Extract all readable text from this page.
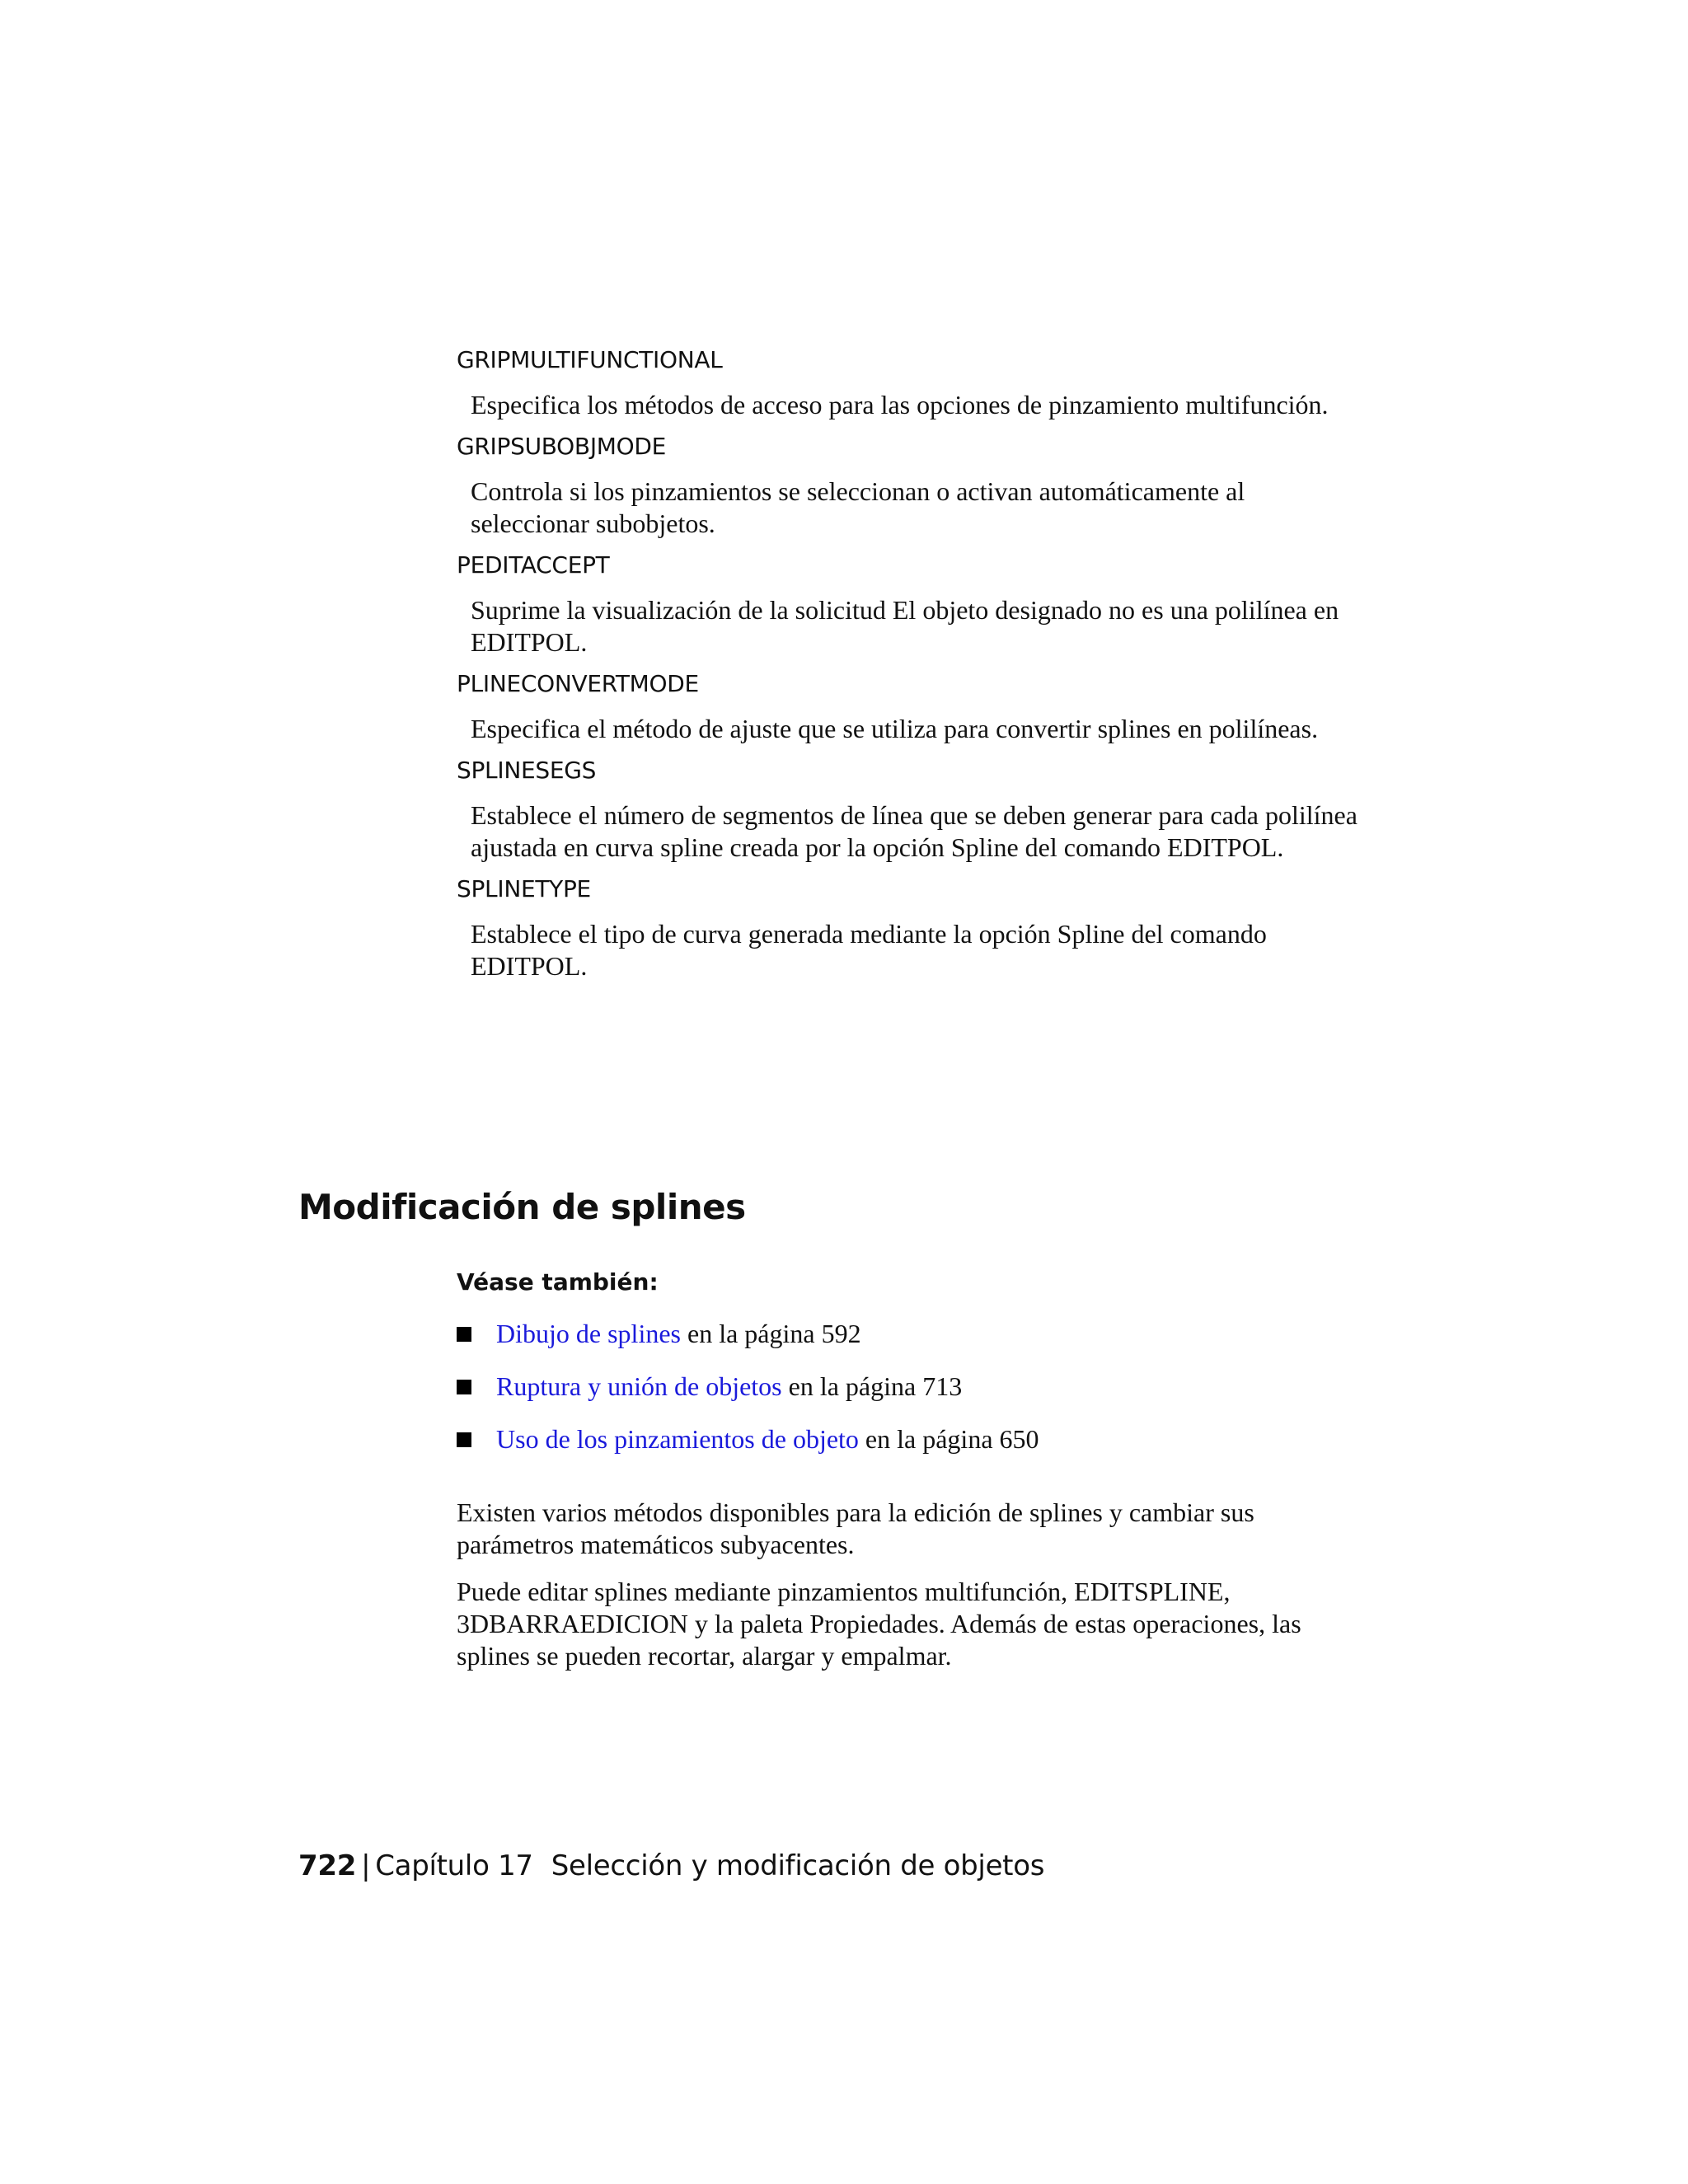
GRIPMULTIFUNCTIONAL

Especifica los métodos de acceso para las opciones de pinzamiento multifunción.

GRIPSUBOBJMODE

Controla si los pinzamientos se seleccionan o activan automáticamente al seleccionar subobjetos.

PEDITACCEPT

Suprime la visualización de la solicitud El objeto designado no es una polilínea en EDITPOL.

PLINECONVERTMODE

Especifica el método de ajuste que se utiliza para convertir splines en polilíneas.

SPLINESEGS

Establece el número de segmentos de línea que se deben generar para cada polilínea ajustada en curva spline creada por la opción Spline del comando EDITPOL.

SPLINETYPE

Establece el tipo de curva generada mediante la opción Spline del comando EDITPOL.

Modificación de splines

Véase también:

Dibujo de splines en la página 592
Ruptura y unión de objetos en la página 713
Uso de los pinzamientos de objeto en la página 650

Existen varios métodos disponibles para la edición de splines y cambiar sus parámetros matemáticos subyacentes.

Puede editar splines mediante pinzamientos multifunción, EDITSPLINE, 3DBARRAEDICION y la paleta Propiedades. Además de estas operaciones, las splines se pueden recortar, alargar y empalmar.

722 | Capítulo 17 Selección y modificación de objetos
